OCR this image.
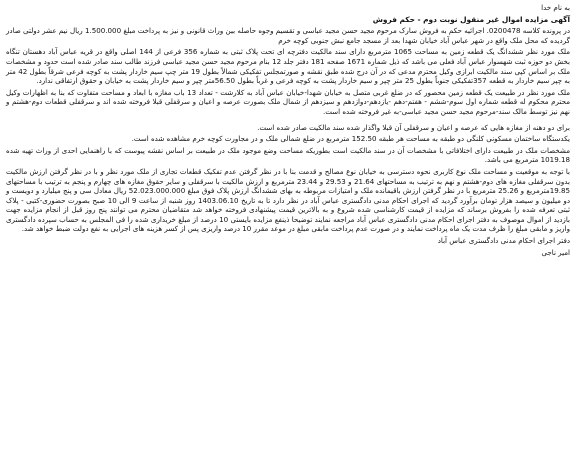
به نام خدا

آگهی مزایده اموال غیر منقول نوبت دوم - حکم فروش

در پرونده کلاسه 0200478. اجرائیه حکم به فروش سارک مرحوم مجید حسن مجید عباسی و تقسیم وجوه حاصله بین وراث قانونی و نیز به پرداخت مبلغ 1.500.000 ریال نیم عشر دولتی صادر گردیده که محل ملک واقع در شهر عباس آباد خیابان شهدا بعد از مسجد جامع نبش جنوبی کوچه خرم

ملک مورد نظر ششدانگ یک قطعه زمین به مساحت 1065 مترمربع دارای سند مالکیت دفترچه ای تحت پلاک ثبتی به شماره 356 فرعی از 144 اصلی واقع در قریه عباس آباد دهستان تنگاه بخش دو حوزه ثبت شهسوار عباس آباد فعلی می باشد که ذیل شماره 1671 صفحه 181 دفتر جلد 12 بنام مرحوم مجید حسن مجید عباسی فرزند طالب سند صادر شده است حدود و مشخصات ملک بر اساس کپی سند مالکیت ابرازی وکیل محترم مدعی که در آن درج شده طبق نقشه و صورتمجلس تفکیکی شمالاً بطول 19 متر چپ سیم خاردار پشت به کوچه فرعی شرقاً بطول 42 متر به چپر سیم خاردار به قطعه 357تفکیکی جنوباً بطول 25 متر چپر و سیم خاردار پشت به کوچه فرعی و غرباً بطول 56.50متر چپر و سیم خاردار پشت به خیابان و حقوق ارتفاقی ندارد.

ملک مورد نظر در طبیعت یک قطعه زمین محصور که در ضلع غربی متصل به خیابان شهدا-خیابان عباس آباد به کلارشت - تعداد 13 باب مغازه با ابعاد و مساحت متفاوت که بنا به اظهارات وکیل محترم محکوم له قطعه شماره اول سوم-ششم - هفتم-دهم -یازدهم-دوازدهم و سیزدهم از شمال ملک بصورت عرصه و اعیان و سرقفلی قبلا فروخته شده اند و سرقفلی قطعات دوم-هشتم و نهم نیز توسط مالک سند-مرحوم مجید حسن مجید عباسی-به غیر فروخته شده است.

برای دو دهنه از مغازه هایی که عرصه و اعیان و سرقفلی آن قبلا واگذار شده سند مالکیت صادر شده است.

یکدستگاه ساختمان مسکونی کلنگی دو طبقه به مساحت هر طبقه 152.50 مترمربع در ضلع شمالی ملک و در مجاورت کوچه خرم مشاهده شده است.

مشخصات ملک در طبیعت دارای اختلافاتی با مشخصات آن در سند مالکیت است بطوریکه مساحت وضع موجود ملک در طبیعت بر اساس نقشه پیوست که با راهنمایی احدی از وراث تهیه شده 1019.18 مترمربع می باشد.

با توجه به موقعیت و مساحت ملک نوع کاربری نحوه دسترسی به خیابان نوع مصالح و قدمت بنا با در نظر گرفتن عدم تفکیک قطعات تجاری از ملک مورد نظر و با در نظر گرفتن ارزش مالکیت بدون سرقفلی مغازه های دوم-هشتم و نهم به ترتیب به مساحتهای 21.64 و 29.53 و 23.44 مترمربع و ارزش مالکیت با سرقفلی و سایر حقوق مغازه های چهارم و پنجم به ترتیب با مساحتهای 19.85مترمربع و 25.26 مترمربع با در نظر گرفتن ارزش باقیمانده ملک و امتیازات مربوطه به بهای ششدانگ ارزش پلاک فوق مبلغ 52.023.000.000 ریال معادل سی و پنج میلیارد و دویست و دو میلیون و سیصد هزار تومان برآورد گردید که اجرای احکام مدنی دادگستری عباس آباد در نظر دارد تا به تاریخ 1403.06.10 روز شنبه از ساعت 9 الی 10 صبح بصورت حضوری-کتبی - پلاک ثبتی تعرفه شده را بفروش برساند که مزایده از قیمت کارشناسی شده شروع و به بالاترین قیمت پیشنهادی فروخته خواهد شد متقاضیان محترم می توانند پنج روز قبل از انجام مزایده جهت بازدید از اموال موصوف به دفتر اجرای احکام مدنی دادگستری عباس آباد مراجعه نمایند توضیحا ذینفع مزایده بایستی 10 درصد از مبلغ خریداری شده را فی المجلس به حساب سپرده دادگستری واریز و مابقی مبلغ را ظرف مدت یک ماه پرداخت نمایند و در صورت عدم پرداخت مابقی مبلغ در موعد مقرر 10 درصد واریزی پس از کسر هزینه های اجرایی به نفع دولت ضبط خواهد شد.

دفتر اجرای احکام مدنی دادگستری عباس آباد

امیر ناجی
